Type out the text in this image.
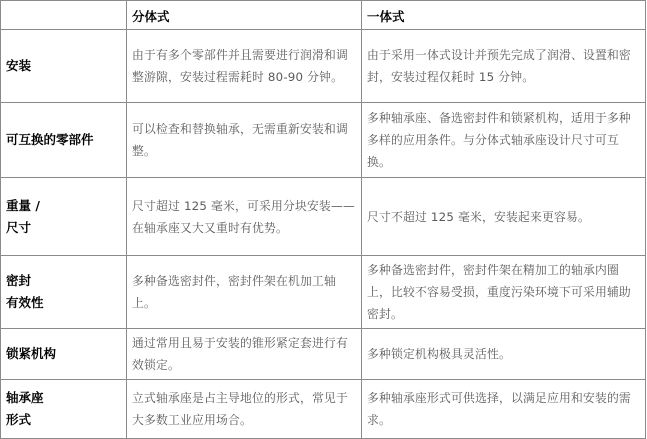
	分体式	一体式

安装	由于有多个零部件并且需要进行润滑和调整游隙，安装过程需耗时 80-90 分钟。	由于采用一体式设计并预先完成了润滑、设置和密封，安装过程仅耗时 15 分钟。

可互换的零部件	可以检查和替换轴承，无需重新安装和调整。	多种轴承座、备选密封件和锁紧机构，适用于多种多样的应用条件。与分体式轴承座设计尺寸可互换。

重量 /
尺寸	尺寸超过 125 毫米，可采用分块安装——在轴承座又大又重时有优势。	尺寸不超过 125 毫米，安装起来更容易。

密封
有效性	多种备选密封件，密封件架在机加工轴上。	多种备选密封件，密封件架在精加工的轴承内圈上，比较不容易受损，重度污染环境下可采用辅助密封。

锁紧机构	通过常用且易于安装的锥形紧定套进行有效锁定。	多种锁定机构极具灵活性。

轴承座
形式	立式轴承座是占主导地位的形式，常见于大多数工业应用场合。	多种轴承座形式可供选择，以满足应用和安装的需求。
